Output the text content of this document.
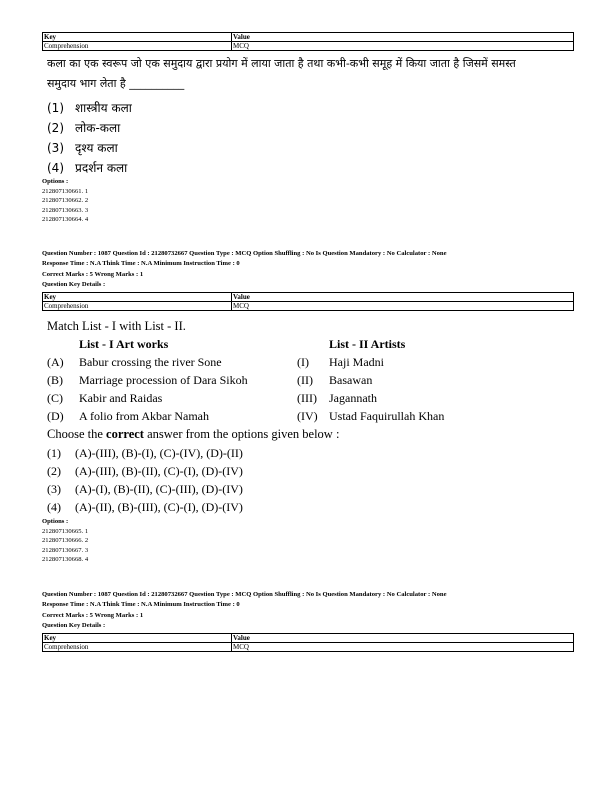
Key	Value
Comprehension	MCQ
कला का एक स्वरूप जो एक समुदाय द्वारा प्रयोग में लाया जाता है तथा कभी-कभी समूह में किया जाता है जिसमें समस्त
समुदाय भाग लेता है __________
(1) शास्त्रीय कला
(2) लोक-कला
(3) दृश्य कला
(4) प्रदर्शन कला
Options :
212807130661. 1
212807130662. 2
212807130663. 3
212807130664. 4
Question Number : 1087 Question Id : 21280732667 Question Type : MCQ Option Shuffling : No Is Question Mandatory : No Calculator : None
Response Time : N.A Think Time : N.A Minimum Instruction Time : 0
Correct Marks : 5 Wrong Marks : 1
Question Key Details :
Key	Value
Comprehension	MCQ
Match List - I with List - II.
List - I Art works	List - II Artists
(A) Babur crossing the river Sone	(I) Haji Madni
(B) Marriage procession of Dara Sikoh	(II) Basawan
(C) Kabir and Raidas	(III) Jagannath
(D) A folio from Akbar Namah	(IV) Ustad Faquirullah Khan
Choose the correct answer from the options given below :
(1) (A)-(III), (B)-(I), (C)-(IV), (D)-(II)
(2) (A)-(III), (B)-(II), (C)-(I), (D)-(IV)
(3) (A)-(I), (B)-(II), (C)-(III), (D)-(IV)
(4) (A)-(II), (B)-(III), (C)-(I), (D)-(IV)
Options :
212807130665. 1
212807130666. 2
212807130667. 3
212807130668. 4
Question Number : 1087 Question Id : 21280732667 Question Type : MCQ Option Shuffling : No Is Question Mandatory : No Calculator : None
Response Time : N.A Think Time : N.A Minimum Instruction Time : 0
Correct Marks : 5 Wrong Marks : 1
Question Key Details :
Key	Value
Comprehension	MCQ
